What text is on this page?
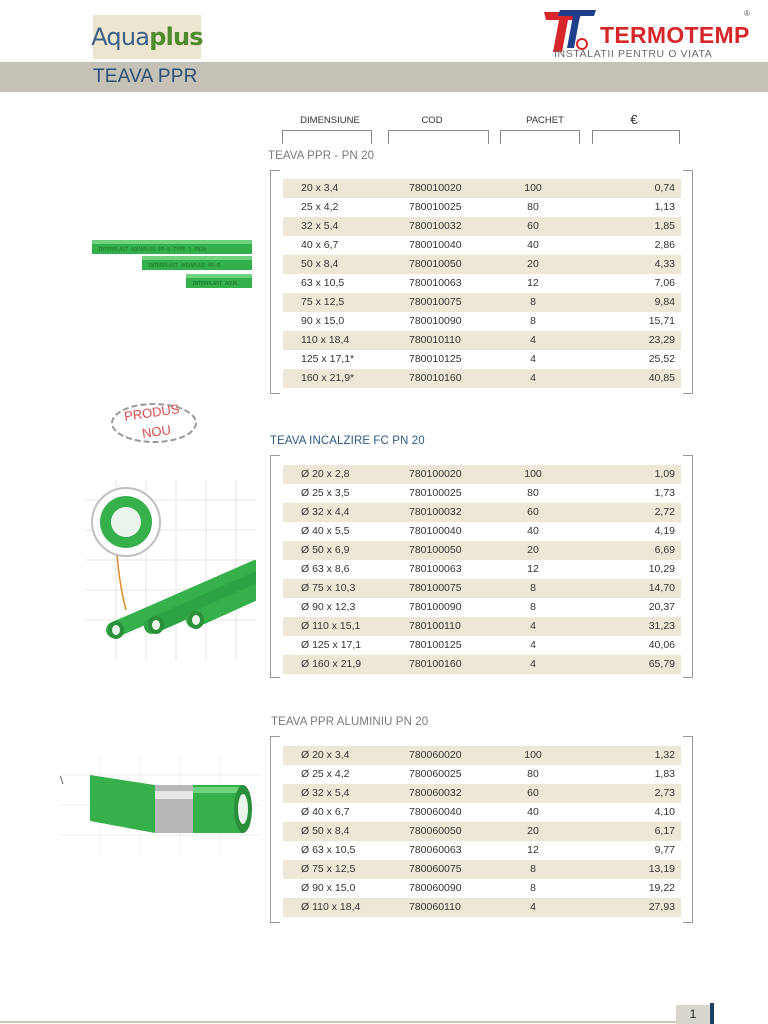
Aqua plus	TERMOTEMP
®
INSTALATII PENTRU O VIATA
TEAVA PPR
DIMENSIUNE	COD	PACHET	€
TEAVA PPR - PN 20
20 x 3,4	780010020	100	0,74
25 x 4,2	780010025	80	1,13
32 x 5,4	780010032	60	1,85
40 x 6,7	780010040	40	2,86
50 x 8,4	780010050	20	4,33
63 x 10,5	780010063	12	7,06
75 x 12,5	780010075	8	9,84
90 x 15,0	780010090	8	15,71
110 x 18,4	780010110	4	23,29
125 x 17,1*	780010125	4	25,52
160 x 21,9*	780010160	4	40,85
INTERPLAST AQUAPLUS PP-R TYPE 3 PN20
INTERPLAST AQUAPLUS PP-R
INTERPLAST AQUA
PRODUS
NOU
TEAVA INCALZIRE FC PN 20
Ø 20 x 2,8	780100020	100	1,09
Ø 25 x 3,5	780100025	80	1,73
Ø 32 x 4,4	780100032	60	2,72
Ø 40 x 5,5	780100040	40	4,19
Ø 50 x 6,9	780100050	20	6,69
Ø 63 x 8,6	780100063	12	10,29
Ø 75 x 10,3	780100075	8	14,70
Ø 90 x 12,3	780100090	8	20,37
Ø 110 x 15,1	780100110	4	31,23
Ø 125 x 17,1	780100125	4	40,06
Ø 160 x 21,9	780100160	4	65,79
TEAVA PPR ALUMINIU PN 20
Ø 20 x 3,4	780060020	100	1,32
Ø 25 x 4,2	780060025	80	1,83
Ø 32 x 5,4	780060032	60	2,73
Ø 40 x 6,7	780060040	40	4,10
Ø 50 x 8,4	780060050	20	6,17
Ø 63 x 10,5	780060063	12	9,77
Ø 75 x 12,5	780060075	8	13,19
Ø 90 x 15,0	780060090	8	19,22
Ø 110 x 18,4	780060110	4	27,93
\
1
